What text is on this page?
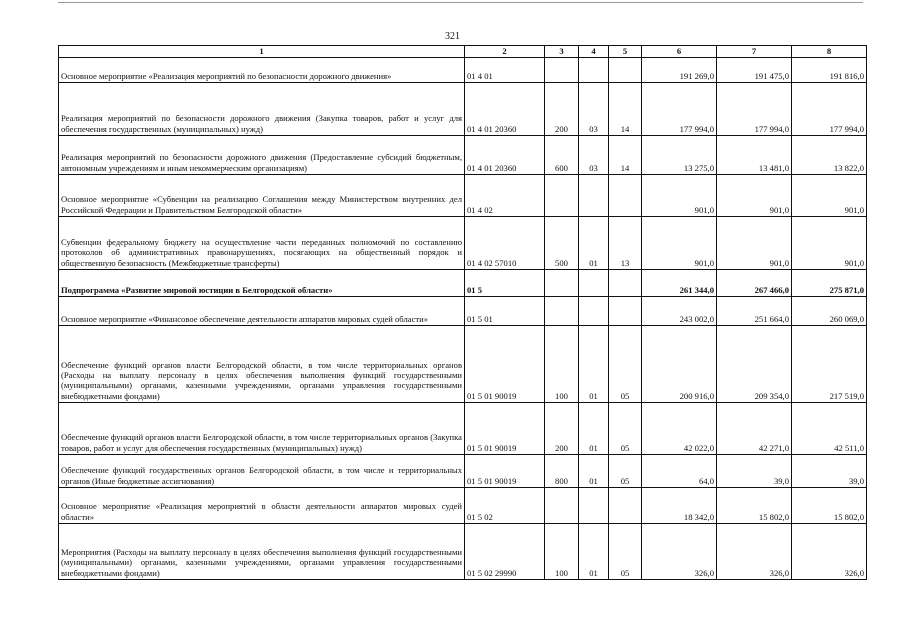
321
1	2	3	4	5	6	7	8
Основное мероприятие «Реализация мероприятий по безопасности дорожного движения»	01 4 01				191 269,0	191 475,0	191 816,0
Реализация мероприятий по безопасности дорожного движения (Закупка товаров, работ и услуг для обеспечения государственных (муниципальных) нужд)	01 4 01 20360	200	03	14	177 994,0	177 994,0	177 994,0
Реализация мероприятий по безопасности дорожного движения (Предоставление субсидий бюджетным, автономным учреждениям и иным некоммерческим организациям)	01 4 01 20360	600	03	14	13 275,0	13 481,0	13 822,0
Основное мероприятие «Субвенции на реализацию Соглашения между Министерством внутренних дел Российской Федерации и Правительством Белгородской области»	01 4 02				901,0	901,0	901,0
Субвенции федеральному бюджету на осуществление части переданных полномочий по составлению протоколов об административных правонарушениях, посягающих на общественный порядок и общественную безопасность (Межбюджетные трансферты)	01 4 02 57010	500	01	13	901,0	901,0	901,0
Подпрограмма «Развитие мировой юстиции в Белгородской области»	01 5				261 344,0	267 466,0	275 871,0
Основное мероприятие «Финансовое обеспечение деятельности аппаратов мировых судей области»	01 5 01				243 002,0	251 664,0	260 069,0
Обеспечение функций органов власти Белгородской области, в том числе территориальных органов (Расходы на выплату персоналу в целях обеспечения выполнения функций государственными (муниципальными) органами, казенными учреждениями, органами управления государственными внебюджетными фондами)	01 5 01 90019	100	01	05	200 916,0	209 354,0	217 519,0
Обеспечение функций органов власти Белгородской области, в том числе территориальных органов (Закупка товаров, работ и услуг для обеспечения государственных (муниципальных) нужд)	01 5 01 90019	200	01	05	42 022,0	42 271,0	42 511,0
Обеспечение функций государственных органов Белгородской области, в том числе и территориальных органов (Иные бюджетные ассигнования)	01 5 01 90019	800	01	05	64,0	39,0	39,0
Основное мероприятие «Реализация мероприятий в области деятельности аппаратов мировых судей области»	01 5 02				18 342,0	15 802,0	15 802,0
Мероприятия (Расходы на выплату персоналу в целях обеспечения выполнения функций государственными (муниципальными) органами, казенными учреждениями, органами управления государственными внебюджетными фондами)	01 5 02 29990	100	01	05	326,0	326,0	326,0
